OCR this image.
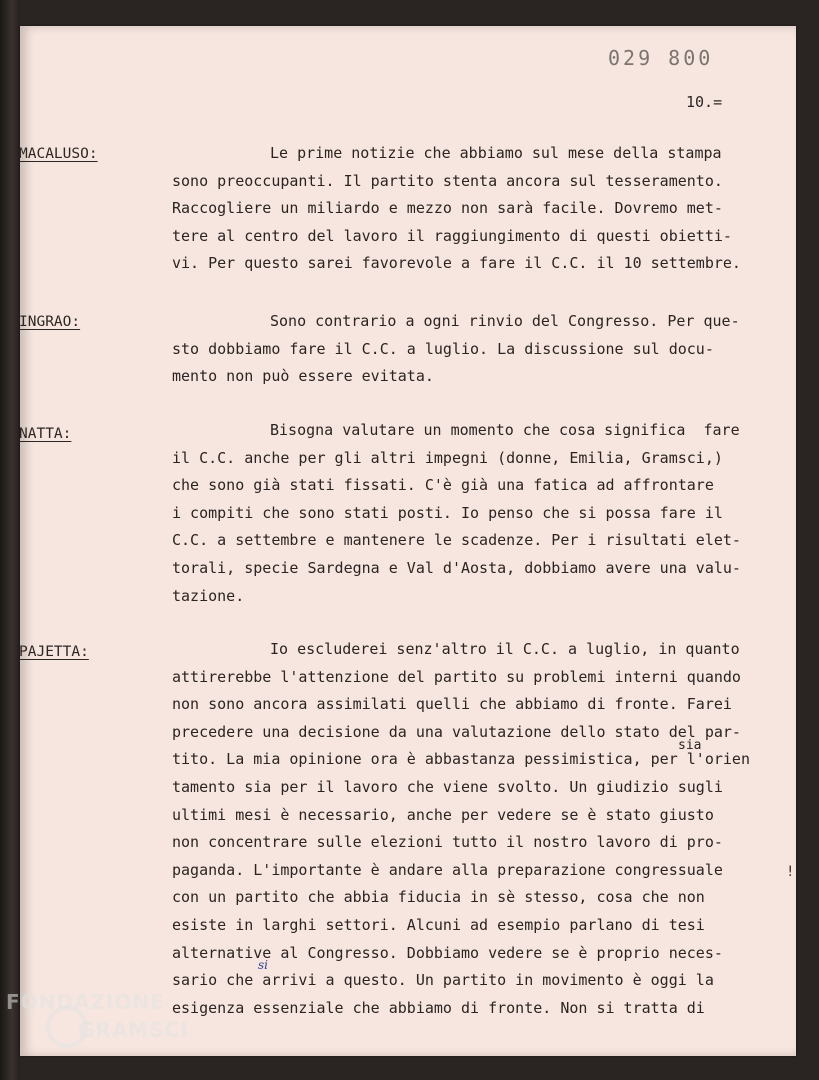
029 800
10.=
MACALUSO:
INGRAO:
NATTA:
PAJETTA:
Le prime notizie che abbiamo sul mese della stampa
sono preoccupanti. Il partito stenta ancora sul tesseramento.
Raccogliere un miliardo e mezzo non sarà facile. Dovremo met-
tere al centro del lavoro il raggiungimento di questi obietti-
vi. Per questo sarei favorevole a fare il C.C. il 10 settembre.
Sono contrario a ogni rinvio del Congresso. Per que-
sto dobbiamo fare il C.C. a luglio. La discussione sul docu-
mento non può essere evitata.
Bisogna valutare un momento che cosa significa  fare
il C.C. anche per gli altri impegni (donne, Emilia, Gramsci,)
che sono già stati fissati. C'è già una fatica ad affrontare
i compiti che sono stati posti. Io penso che si possa fare il
C.C. a settembre e mantenere le scadenze. Per i risultati elet-
torali, specie Sardegna e Val d'Aosta, dobbiamo avere una valu-
tazione.
Io escluderei senz'altro il C.C. a luglio, in quanto
attirerebbe l'attenzione del partito su problemi interni quando
non sono ancora assimilati quelli che abbiamo di fronte. Farei
precedere una decisione da una valutazione dello stato del par-
tito. La mia opinione ora è abbastanza pessimistica, per l'orien
tamento sia per il lavoro che viene svolto. Un giudizio sugli
ultimi mesi è necessario, anche per vedere se è stato giusto
non concentrare sulle elezioni tutto il nostro lavoro di pro-
paganda. L'importante è andare alla preparazione congressuale
con un partito che abbia fiducia in sè stesso, cosa che non
esiste in larghi settori. Alcuni ad esempio parlano di tesi
alternative al Congresso. Dobbiamo vedere se è proprio neces-
sario che arrivi a questo. Un partito in movimento è oggi la
esigenza essenziale che abbiamo di fronte. Non si tratta di
sia
si
!
FONDAZIONE
GRAMSCI
